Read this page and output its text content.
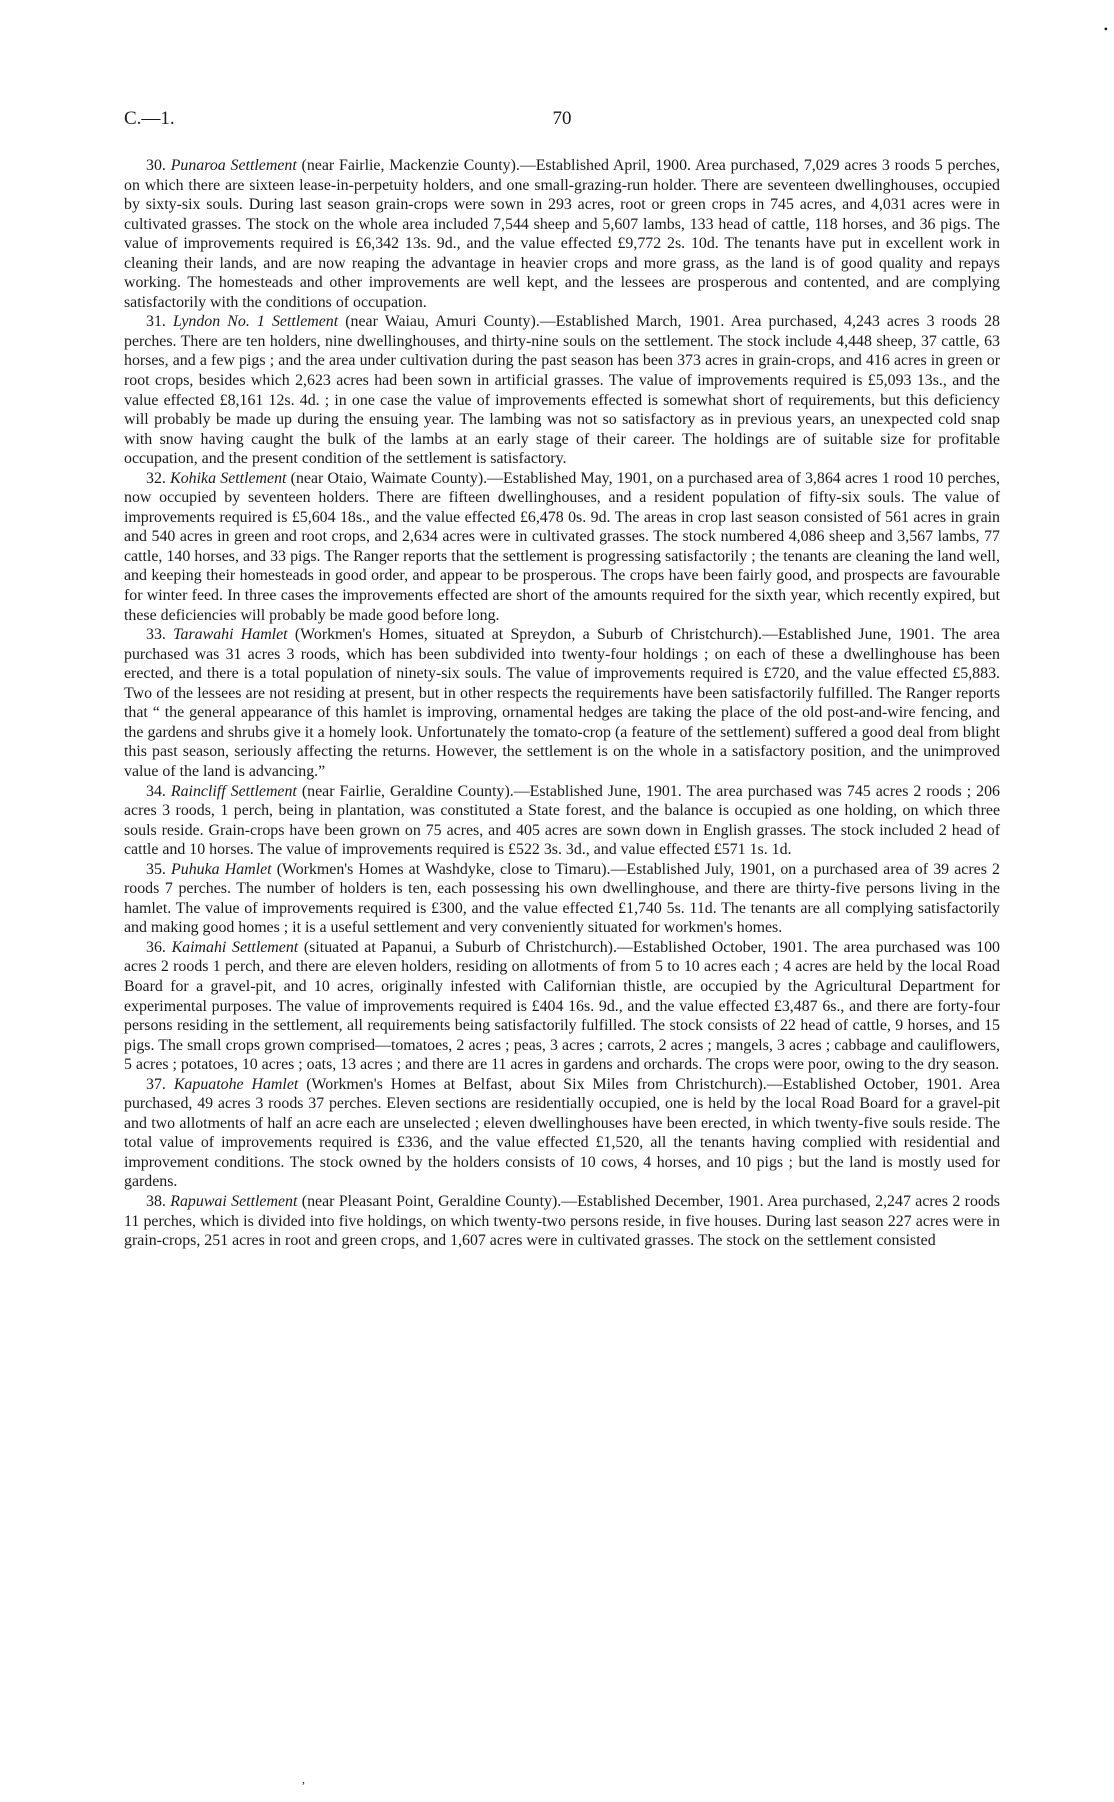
•
C.—1.	70

30. Punaroa Settlement (near Fairlie, Mackenzie County).—Established April, 1900. Area purchased, 7,029 acres 3 roods 5 perches, on which there are sixteen lease-in-perpetuity holders, and one small-grazing-run holder. There are seventeen dwellinghouses, occupied by sixty-six souls. During last season grain-crops were sown in 293 acres, root or green crops in 745 acres, and 4,031 acres were in cultivated grasses. The stock on the whole area included 7,544 sheep and 5,607 lambs, 133 head of cattle, 118 horses, and 36 pigs. The value of improvements required is £6,342 13s. 9d., and the value effected £9,772 2s. 10d. The tenants have put in excellent work in cleaning their lands, and are now reaping the advantage in heavier crops and more grass, as the land is of good quality and repays working. The homesteads and other improvements are well kept, and the lessees are prosperous and contented, and are complying satisfactorily with the conditions of occupation.

31. Lyndon No. 1 Settlement (near Waiau, Amuri County).—Established March, 1901. Area purchased, 4,243 acres 3 roods 28 perches. There are ten holders, nine dwellinghouses, and thirty-nine souls on the settlement. The stock include 4,448 sheep, 37 cattle, 63 horses, and a few pigs ; and the area under cultivation during the past season has been 373 acres in grain-crops, and 416 acres in green or root crops, besides which 2,623 acres had been sown in artificial grasses. The value of improvements required is £5,093 13s., and the value effected £8,161 12s. 4d. ; in one case the value of improvements effected is somewhat short of requirements, but this deficiency will probably be made up during the ensuing year. The lambing was not so satisfactory as in previous years, an unexpected cold snap with snow having caught the bulk of the lambs at an early stage of their career. The holdings are of suitable size for profitable occupation, and the present condition of the settlement is satisfactory.

32. Kohika Settlement (near Otaio, Waimate County).—Established May, 1901, on a purchased area of 3,864 acres 1 rood 10 perches, now occupied by seventeen holders. There are fifteen dwellinghouses, and a resident population of fifty-six souls. The value of improvements required is £5,604 18s., and the value effected £6,478 0s. 9d. The areas in crop last season consisted of 561 acres in grain and 540 acres in green and root crops, and 2,634 acres were in cultivated grasses. The stock numbered 4,086 sheep and 3,567 lambs, 77 cattle, 140 horses, and 33 pigs. The Ranger reports that the settlement is progressing satisfactorily ; the tenants are cleaning the land well, and keeping their homesteads in good order, and appear to be prosperous. The crops have been fairly good, and prospects are favourable for winter feed. In three cases the improvements effected are short of the amounts required for the sixth year, which recently expired, but these deficiencies will probably be made good before long.

33. Tarawahi Hamlet (Workmen's Homes, situated at Spreydon, a Suburb of Christchurch).—Established June, 1901. The area purchased was 31 acres 3 roods, which has been subdivided into twenty-four holdings ; on each of these a dwellinghouse has been erected, and there is a total population of ninety-six souls. The value of improvements required is £720, and the value effected £5,883. Two of the lessees are not residing at present, but in other respects the requirements have been satisfactorily fulfilled. The Ranger reports that “ the general appearance of this hamlet is improving, ornamental hedges are taking the place of the old post-and-wire fencing, and the gardens and shrubs give it a homely look. Unfortunately the tomato-crop (a feature of the settlement) suffered a good deal from blight this past season, seriously affecting the returns. However, the settlement is on the whole in a satisfactory position, and the unimproved value of the land is advancing.”

34. Raincliff Settlement (near Fairlie, Geraldine County).—Established June, 1901. The area purchased was 745 acres 2 roods ; 206 acres 3 roods, 1 perch, being in plantation, was constituted a State forest, and the balance is occupied as one holding, on which three souls reside. Grain-crops have been grown on 75 acres, and 405 acres are sown down in English grasses. The stock included 2 head of cattle and 10 horses. The value of improvements required is £522 3s. 3d., and value effected £571 1s. 1d.

35. Puhuka Hamlet (Workmen's Homes at Washdyke, close to Timaru).—Established July, 1901, on a purchased area of 39 acres 2 roods 7 perches. The number of holders is ten, each possessing his own dwellinghouse, and there are thirty-five persons living in the hamlet. The value of improvements required is £300, and the value effected £1,740 5s. 11d. The tenants are all complying satisfactorily and making good homes ; it is a useful settlement and very conveniently situated for workmen's homes.

36. Kaimahi Settlement (situated at Papanui, a Suburb of Christchurch).—Established October, 1901. The area purchased was 100 acres 2 roods 1 perch, and there are eleven holders, residing on allotments of from 5 to 10 acres each ; 4 acres are held by the local Road Board for a gravel-pit, and 10 acres, originally infested with Californian thistle, are occupied by the Agricultural Department for experimental purposes. The value of improvements required is £404 16s. 9d., and the value effected £3,487 6s., and there are forty-four persons residing in the settlement, all requirements being satisfactorily fulfilled. The stock consists of 22 head of cattle, 9 horses, and 15 pigs. The small crops grown comprised—tomatoes, 2 acres ; peas, 3 acres ; carrots, 2 acres ; mangels, 3 acres ; cabbage and cauliflowers, 5 acres ; potatoes, 10 acres ; oats, 13 acres ; and there are 11 acres in gardens and orchards. The crops were poor, owing to the dry season.

37. Kapuatohe Hamlet (Workmen's Homes at Belfast, about Six Miles from Christchurch).—Established October, 1901. Area purchased, 49 acres 3 roods 37 perches. Eleven sections are residentially occupied, one is held by the local Road Board for a gravel-pit and two allotments of half an acre each are unselected ; eleven dwellinghouses have been erected, in which twenty-five souls reside. The total value of improvements required is £336, and the value effected £1,520, all the tenants having complied with residential and improvement conditions. The stock owned by the holders consists of 10 cows, 4 horses, and 10 pigs ; but the land is mostly used for gardens.

38. Rapuwai Settlement (near Pleasant Point, Geraldine County).—Established December, 1901. Area purchased, 2,247 acres 2 roods 11 perches, which is divided into five holdings, on which twenty-two persons reside, in five houses. During last season 227 acres were in grain-crops, 251 acres in root and green crops, and 1,607 acres were in cultivated grasses. The stock on the settlement consisted

,
